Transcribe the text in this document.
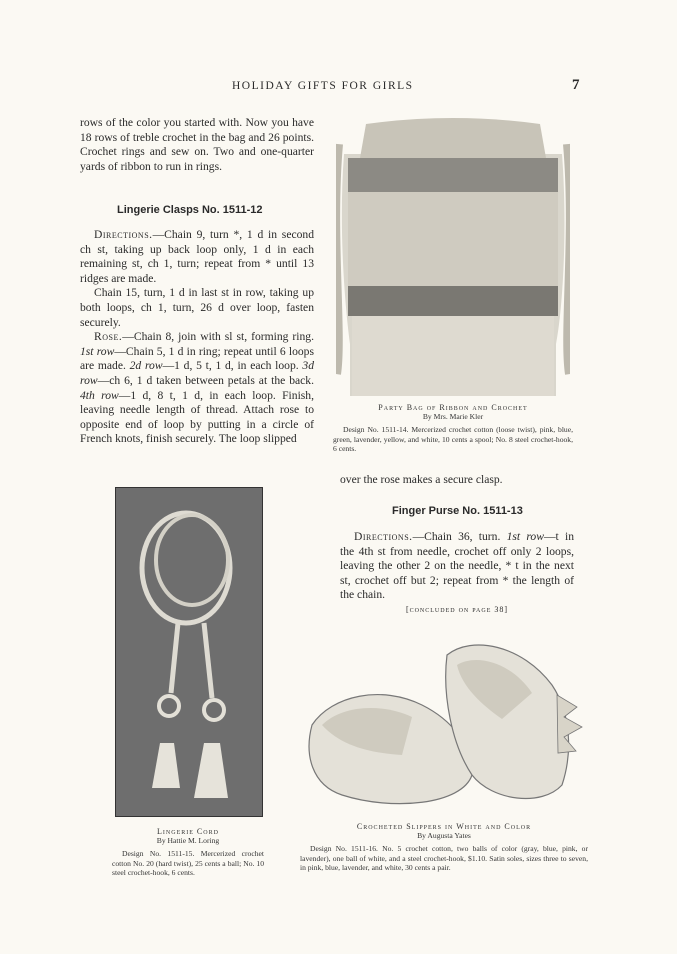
HOLIDAY GIFTS FOR GIRLS	7

rows of the color you started with. Now you have 18 rows of treble crochet in the bag and 26 points. Crochet rings and sew on. Two and one-quarter yards of ribbon to run in rings.

Lingerie Clasps No. 1511-12

Directions.—Chain 9, turn *, 1 d in second ch st, taking up back loop only, 1 d in each remaining st, ch 1, turn; repeat from * until 13 ridges are made.

Chain 15, turn, 1 d in last st in row, taking up both loops, ch 1, turn, 26 d over loop, fasten securely.

Rose.—Chain 8, join with sl st, forming ring. 1st row—Chain 5, 1 d in ring; repeat until 6 loops are made. 2d row—1 d, 5 t, 1 d, in each loop. 3d row—ch 6, 1 d taken between petals at the back. 4th row—1 d, 8 t, 1 d, in each loop. Finish, leaving needle length of thread. Attach rose to opposite end of loop by putting in a circle of French knots, finish securely. The loop slipped

Party Bag of Ribbon and Crochet
By Mrs. Marie Kler
Design No. 1511-14. Mercerized crochet cotton (loose twist), pink, blue, green, lavender, yellow, and white, 10 cents a spool; No. 8 steel crochet-hook, 6 cents.

over the rose makes a secure clasp.

Finger Purse No. 1511-13

Directions.—Chain 36, turn. 1st row—t in the 4th st from needle, crochet off only 2 loops, leaving the other 2 on the needle, * t in the next st, crochet off but 2; repeat from * the length of the chain.

[concluded on page 38]
Lingerie Cord
By Hattie M. Loring
Design No. 1511-15. Mercerized crochet cotton No. 20 (hard twist), 25 cents a ball; No. 10 steel crochet-hook, 6 cents.
Crocheted Slippers in White and Color
By Augusta Yates
Design No. 1511-16. No. 5 crochet cotton, two balls of color (gray, blue, pink, or lavender), one ball of white, and a steel crochet-hook, $1.10. Satin soles, sizes three to seven, in pink, blue, lavender, and white, 30 cents a pair.
